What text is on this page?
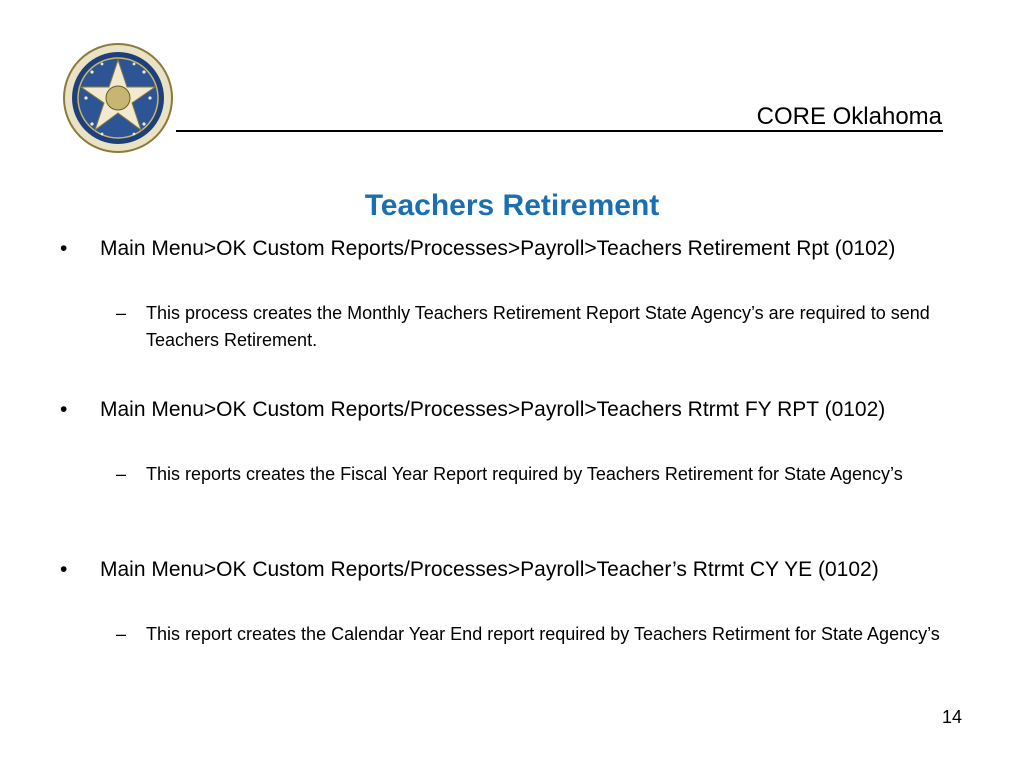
CORE Oklahoma
Teachers Retirement
• Main Menu>OK Custom Reports/Processes>Payroll>Teachers Retirement Rpt (0102)
– This process creates the Monthly Teachers Retirement Report State Agency’s are required to send Teachers Retirement.
• Main Menu>OK Custom Reports/Processes>Payroll>Teachers Rtrmt FY RPT (0102)
– This reports creates the Fiscal Year Report required by Teachers Retirement for State Agency’s
• Main Menu>OK Custom Reports/Processes>Payroll>Teacher’s Rtrmt CY YE (0102)
– This report creates the Calendar Year End report required by Teachers Retirment for State Agency’s
14
